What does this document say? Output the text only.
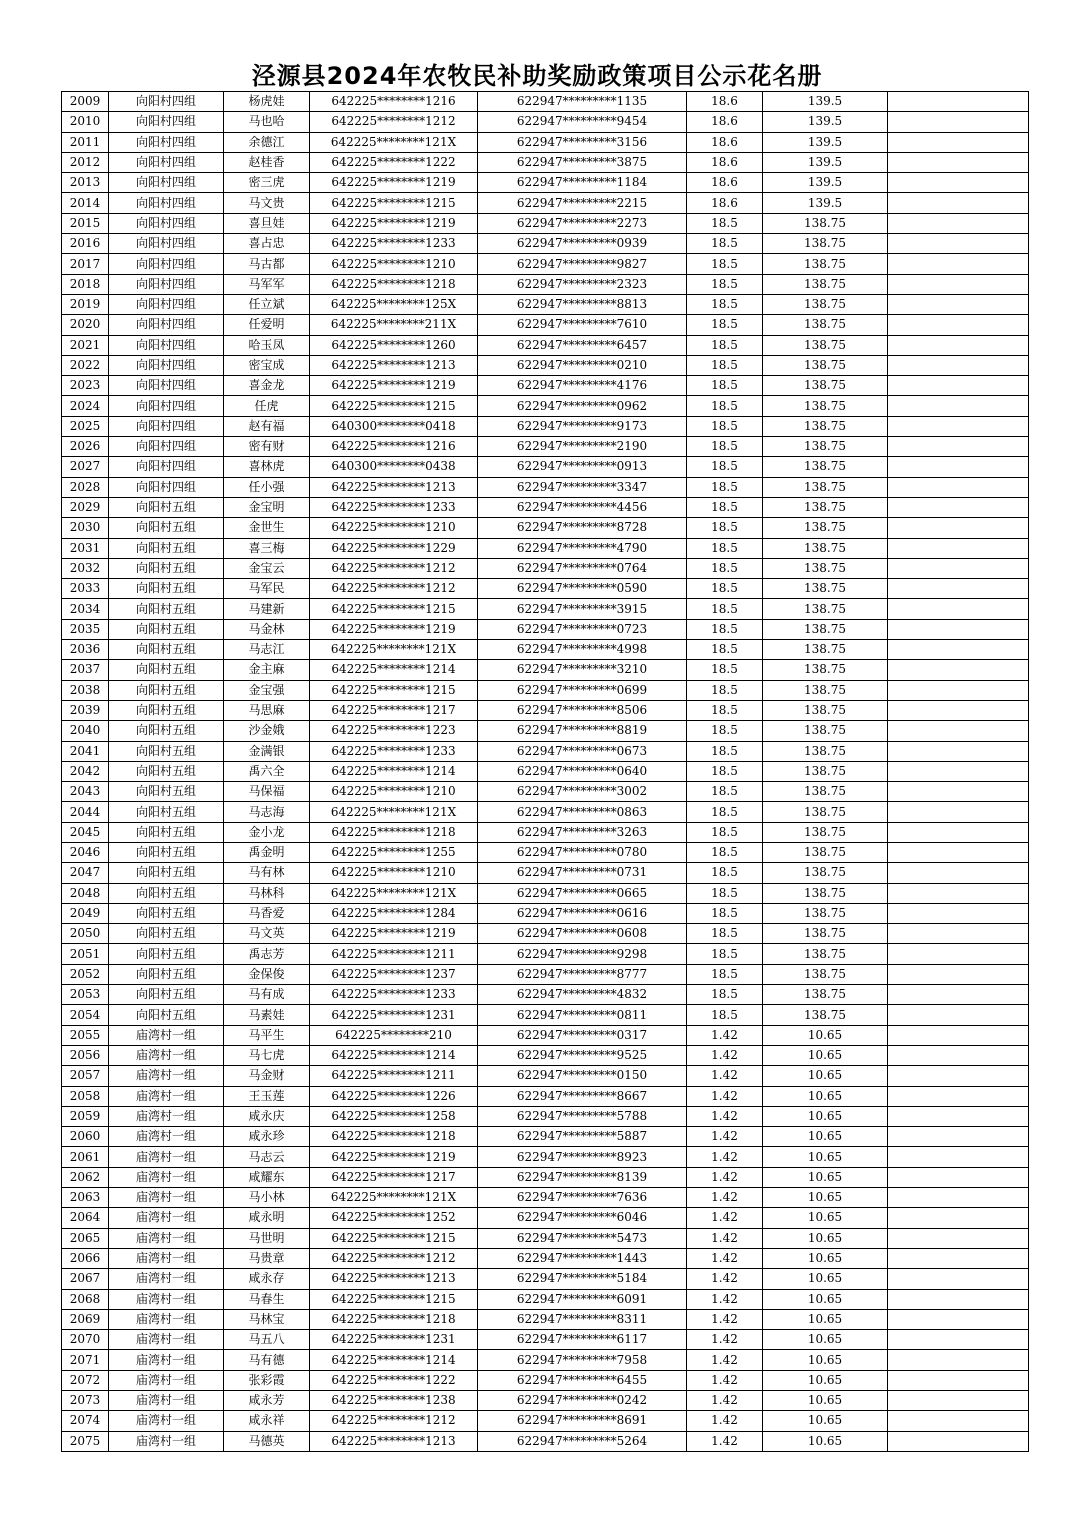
泾源县2024年农牧民补助奖励政策项目公示花名册
2009	向阳村四组	杨虎娃	642225********1216	622947*********1135	18.6	139.5	
2010	向阳村四组	马也哈	642225********1212	622947*********9454	18.6	139.5	
2011	向阳村四组	余德江	642225********121X	622947*********3156	18.6	139.5	
2012	向阳村四组	赵桂香	642225********1222	622947*********3875	18.6	139.5	
2013	向阳村四组	密三虎	642225********1219	622947*********1184	18.6	139.5	
2014	向阳村四组	马文贵	642225********1215	622947*********2215	18.6	139.5	
2015	向阳村四组	喜旦娃	642225********1219	622947*********2273	18.5	138.75	
2016	向阳村四组	喜占忠	642225********1233	622947*********0939	18.5	138.75	
2017	向阳村四组	马古都	642225********1210	622947*********9827	18.5	138.75	
2018	向阳村四组	马军军	642225********1218	622947*********2323	18.5	138.75	
2019	向阳村四组	任立斌	642225********125X	622947*********8813	18.5	138.75	
2020	向阳村四组	任爱明	642225********211X	622947*********7610	18.5	138.75	
2021	向阳村四组	哈玉凤	642225********1260	622947*********6457	18.5	138.75	
2022	向阳村四组	密宝成	642225********1213	622947*********0210	18.5	138.75	
2023	向阳村四组	喜金龙	642225********1219	622947*********4176	18.5	138.75	
2024	向阳村四组	任虎	642225********1215	622947*********0962	18.5	138.75	
2025	向阳村四组	赵有福	640300********0418	622947*********9173	18.5	138.75	
2026	向阳村四组	密有财	642225********1216	622947*********2190	18.5	138.75	
2027	向阳村四组	喜林虎	640300********0438	622947*********0913	18.5	138.75	
2028	向阳村四组	任小强	642225********1213	622947*********3347	18.5	138.75	
2029	向阳村五组	金宝明	642225********1233	622947*********4456	18.5	138.75	
2030	向阳村五组	金世生	642225********1210	622947*********8728	18.5	138.75	
2031	向阳村五组	喜三梅	642225********1229	622947*********4790	18.5	138.75	
2032	向阳村五组	金宝云	642225********1212	622947*********0764	18.5	138.75	
2033	向阳村五组	马军民	642225********1212	622947*********0590	18.5	138.75	
2034	向阳村五组	马建新	642225********1215	622947*********3915	18.5	138.75	
2035	向阳村五组	马金林	642225********1219	622947*********0723	18.5	138.75	
2036	向阳村五组	马志江	642225********121X	622947*********4998	18.5	138.75	
2037	向阳村五组	金主麻	642225********1214	622947*********3210	18.5	138.75	
2038	向阳村五组	金宝强	642225********1215	622947*********0699	18.5	138.75	
2039	向阳村五组	马思麻	642225********1217	622947*********8506	18.5	138.75	
2040	向阳村五组	沙金娥	642225********1223	622947*********8819	18.5	138.75	
2041	向阳村五组	金满银	642225********1233	622947*********0673	18.5	138.75	
2042	向阳村五组	禹六全	642225********1214	622947*********0640	18.5	138.75	
2043	向阳村五组	马保福	642225********1210	622947*********3002	18.5	138.75	
2044	向阳村五组	马志海	642225********121X	622947*********0863	18.5	138.75	
2045	向阳村五组	金小龙	642225********1218	622947*********3263	18.5	138.75	
2046	向阳村五组	禹金明	642225********1255	622947*********0780	18.5	138.75	
2047	向阳村五组	马有林	642225********1210	622947*********0731	18.5	138.75	
2048	向阳村五组	马林科	642225********121X	622947*********0665	18.5	138.75	
2049	向阳村五组	马香爱	642225********1284	622947*********0616	18.5	138.75	
2050	向阳村五组	马文英	642225********1219	622947*********0608	18.5	138.75	
2051	向阳村五组	禹志芳	642225********1211	622947*********9298	18.5	138.75	
2052	向阳村五组	金保俊	642225********1237	622947*********8777	18.5	138.75	
2053	向阳村五组	马有成	642225********1233	622947*********4832	18.5	138.75	
2054	向阳村五组	马素娃	642225********1231	622947*********0811	18.5	138.75	
2055	庙湾村一组	马平生	642225********210	622947*********0317	1.42	10.65	
2056	庙湾村一组	马七虎	642225********1214	622947*********9525	1.42	10.65	
2057	庙湾村一组	马金财	642225********1211	622947*********0150	1.42	10.65	
2058	庙湾村一组	王玉莲	642225********1226	622947*********8667	1.42	10.65	
2059	庙湾村一组	咸永庆	642225********1258	622947*********5788	1.42	10.65	
2060	庙湾村一组	咸永珍	642225********1218	622947*********5887	1.42	10.65	
2061	庙湾村一组	马志云	642225********1219	622947*********8923	1.42	10.65	
2062	庙湾村一组	咸耀东	642225********1217	622947*********8139	1.42	10.65	
2063	庙湾村一组	马小林	642225********121X	622947*********7636	1.42	10.65	
2064	庙湾村一组	咸永明	642225********1252	622947*********6046	1.42	10.65	
2065	庙湾村一组	马世明	642225********1215	622947*********5473	1.42	10.65	
2066	庙湾村一组	马贵章	642225********1212	622947*********1443	1.42	10.65	
2067	庙湾村一组	咸永存	642225********1213	622947*********5184	1.42	10.65	
2068	庙湾村一组	马春生	642225********1215	622947*********6091	1.42	10.65	
2069	庙湾村一组	马林宝	642225********1218	622947*********8311	1.42	10.65	
2070	庙湾村一组	马五八	642225********1231	622947*********6117	1.42	10.65	
2071	庙湾村一组	马有德	642225********1214	622947*********7958	1.42	10.65	
2072	庙湾村一组	张彩霞	642225********1222	622947*********6455	1.42	10.65	
2073	庙湾村一组	咸永芳	642225********1238	622947*********0242	1.42	10.65	
2074	庙湾村一组	咸永祥	642225********1212	622947*********8691	1.42	10.65	
2075	庙湾村一组	马德英	642225********1213	622947*********5264	1.42	10.65	
